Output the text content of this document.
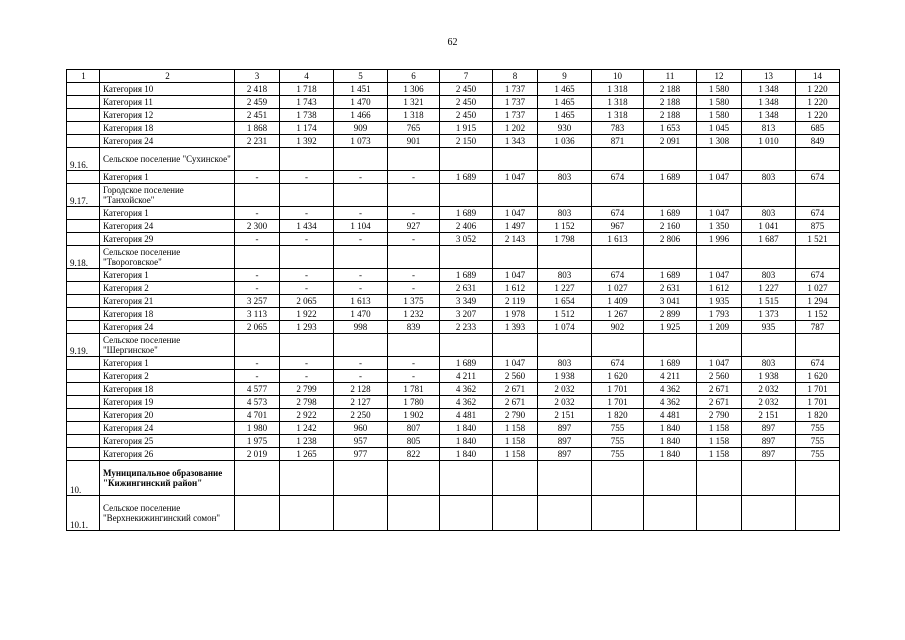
62
1	2	3	4	5	6	7	8	9	10	11	12	13	14
	Категория 10	2 418	1 718	1 451	1 306	2 450	1 737	1 465	1 318	2 188	1 580	1 348	1 220
	Категория 11	2 459	1 743	1 470	1 321	2 450	1 737	1 465	1 318	2 188	1 580	1 348	1 220
	Категория 12	2 451	1 738	1 466	1 318	2 450	1 737	1 465	1 318	2 188	1 580	1 348	1 220
	Категория 18	1 868	1 174	909	765	1 915	1 202	930	783	1 653	1 045	813	685
	Категория 24	2 231	1 392	1 073	901	2 150	1 343	1 036	871	2 091	1 308	1 010	849
9.16.	Сельское поселение "Сухинское"												
	Категория 1	-	-	-	-	1 689	1 047	803	674	1 689	1 047	803	674
9.17.	Городское поселение "Танхойское"												
	Категория 1	-	-	-	-	1 689	1 047	803	674	1 689	1 047	803	674
	Категория 24	2 300	1 434	1 104	927	2 406	1 497	1 152	967	2 160	1 350	1 041	875
	Категория 29	-	-	-	-	3 052	2 143	1 798	1 613	2 806	1 996	1 687	1 521
9.18.	Сельское поселение "Твороговское"												
	Категория 1	-	-	-	-	1 689	1 047	803	674	1 689	1 047	803	674
	Категория 2	-	-	-	-	2 631	1 612	1 227	1 027	2 631	1 612	1 227	1 027
	Категория 21	3 257	2 065	1 613	1 375	3 349	2 119	1 654	1 409	3 041	1 935	1 515	1 294
	Категория 18	3 113	1 922	1 470	1 232	3 207	1 978	1 512	1 267	2 899	1 793	1 373	1 152
	Категория 24	2 065	1 293	998	839	2 233	1 393	1 074	902	1 925	1 209	935	787
9.19.	Сельское поселение "Шергинское"												
	Категория 1	-	-	-	-	1 689	1 047	803	674	1 689	1 047	803	674
	Категория 2	-	-	-	-	4 211	2 560	1 938	1 620	4 211	2 560	1 938	1 620
	Категория 18	4 577	2 799	2 128	1 781	4 362	2 671	2 032	1 701	4 362	2 671	2 032	1 701
	Категория 19	4 573	2 798	2 127	1 780	4 362	2 671	2 032	1 701	4 362	2 671	2 032	1 701
	Категория 20	4 701	2 922	2 250	1 902	4 481	2 790	2 151	1 820	4 481	2 790	2 151	1 820
	Категория 24	1 980	1 242	960	807	1 840	1 158	897	755	1 840	1 158	897	755
	Категория 25	1 975	1 238	957	805	1 840	1 158	897	755	1 840	1 158	897	755
	Категория 26	2 019	1 265	977	822	1 840	1 158	897	755	1 840	1 158	897	755
10.	Муниципальное образование "Кижингинский район"												
10.1.	Сельское поселение "Верхнекижингинский сомон"												
